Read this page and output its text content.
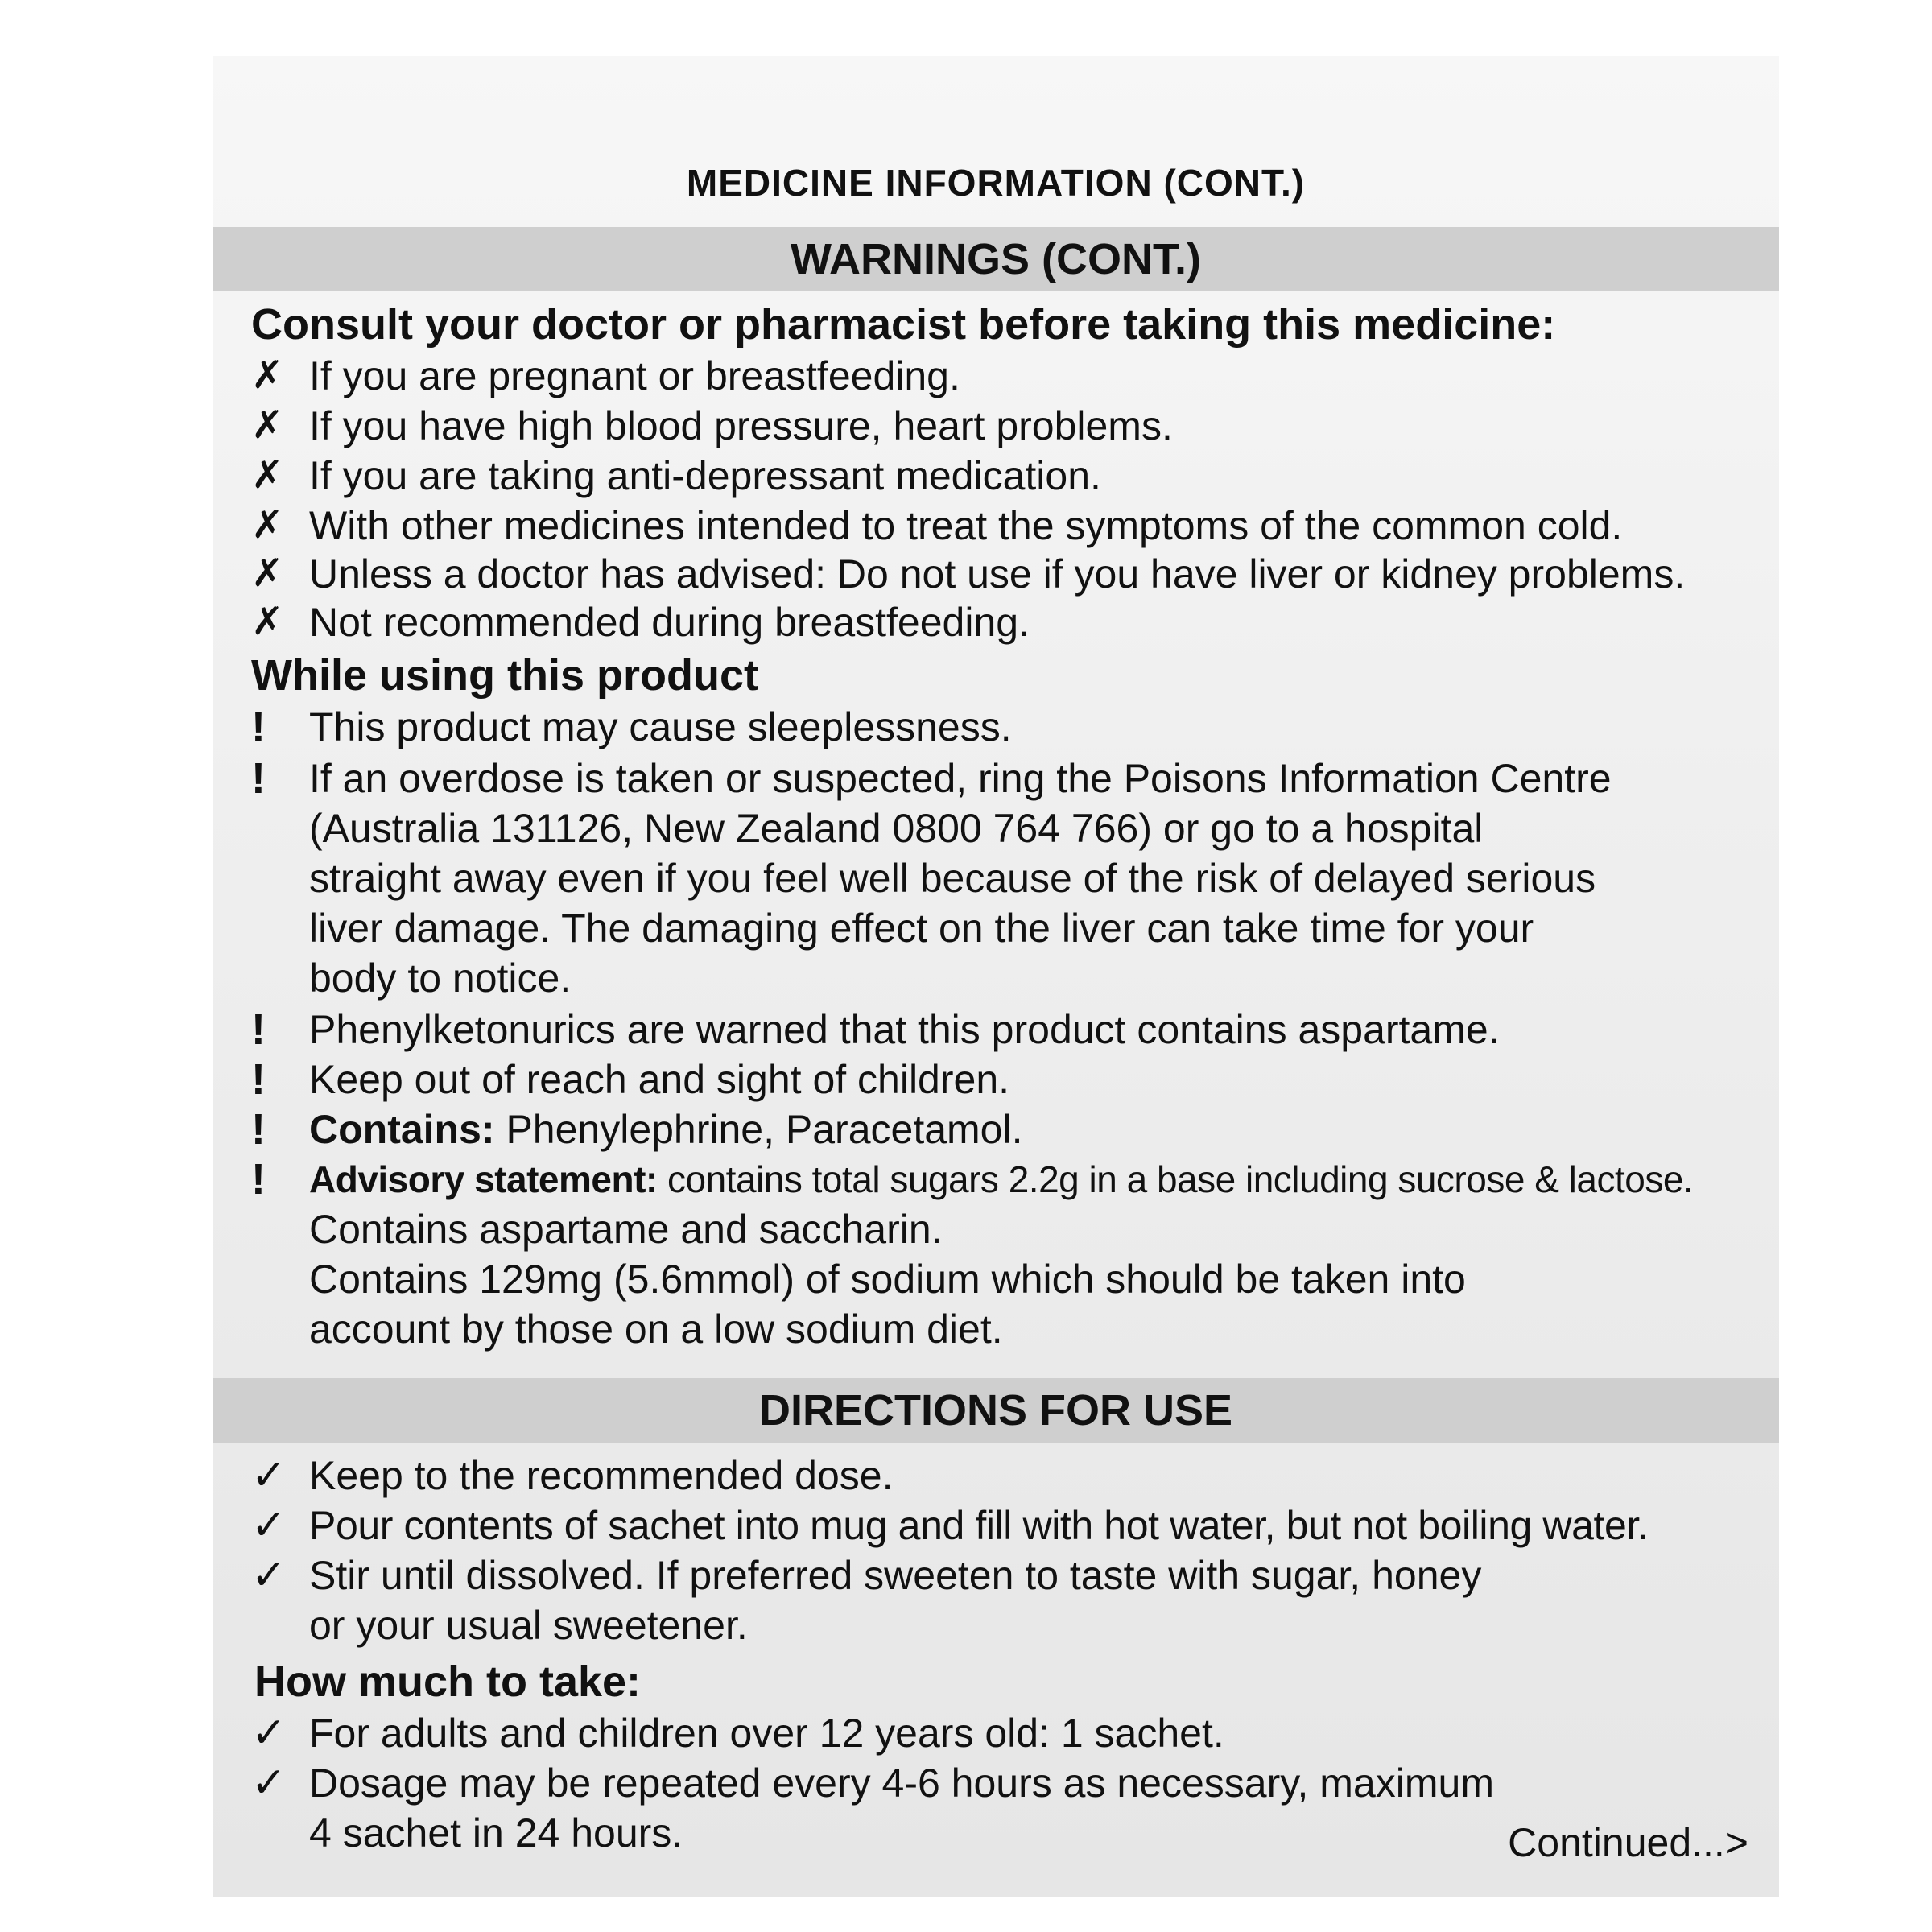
MEDICINE INFORMATION (CONT.)
WARNINGS (CONT.)
Consult your doctor or pharmacist before taking this medicine:
✗ If you are pregnant or breastfeeding.
✗ If you have high blood pressure, heart problems.
✗ If you are taking anti-depressant medication.
✗ With other medicines intended to treat the symptoms of the common cold.
✗ Unless a doctor has advised: Do not use if you have liver or kidney problems.
✗ Not recommended during breastfeeding.
While using this product
!	This product may cause sleeplessness.
!	If an overdose is taken or suspected, ring the Poisons Information Centre
(Australia 131126, New Zealand 0800 764 766) or go to a hospital
straight away even if you feel well because of the risk of delayed serious
liver damage. The damaging effect on the liver can take time for your
body to notice.
!	Phenylketonurics are warned that this product contains aspartame.
!	Keep out of reach and sight of children.
!	Contains: Phenylephrine, Paracetamol.
!	Advisory statement: contains total sugars 2.2g in a base including sucrose & lactose.
Contains aspartame and saccharin.
Contains 129mg (5.6mmol) of sodium which should be taken into
account by those on a low sodium diet.
DIRECTIONS FOR USE
✓ Keep to the recommended dose.
✓ Pour contents of sachet into mug and fill with hot water, but not boiling water.
✓ Stir until dissolved. If preferred sweeten to taste with sugar, honey
or your usual sweetener.
How much to take:
✓ For adults and children over 12 years old: 1 sachet.
✓ Dosage may be repeated every 4-6 hours as necessary, maximum
4 sachet in 24 hours.	Continued...>
